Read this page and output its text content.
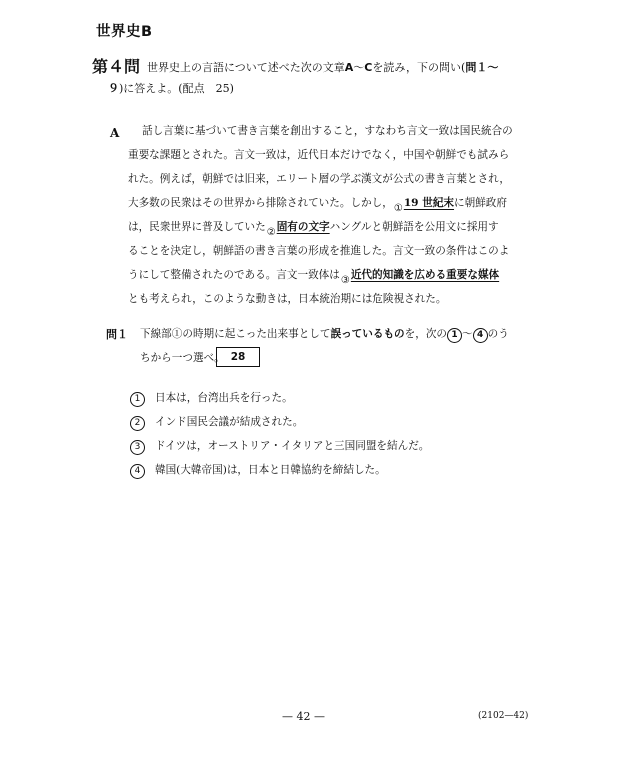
世界史B
第４問 世界史上の言語について述べた次の文章A〜Cを読み，下の問い(問１〜
９)に答えよ。(配点　25)
A 話し言葉に基づいて書き言葉を創出すること，すなわち言文一致は国民統合の
重要な課題とされた。言文一致は，近代日本だけでなく，中国や朝鮮でも試みら
れた。例えば，朝鮮では旧来，エリート層の学ぶ漢文が公式の書き言葉とされ，
大多数の民衆はその世界から排除されていた。しかし，①19 世紀末に朝鮮政府
は，民衆世界に普及していた②固有の文字ハングルと朝鮮語を公用文に採用す
ることを決定し，朝鮮語の書き言葉の形成を推進した。言文一致の条件はこのよ
うにして整備されたのである。言文一致体は③近代的知識を広める重要な媒体
とも考えられ，このような動きは，日本統治期には危険視された。
問１ 下線部①の時期に起こった出来事として誤っているものを，次の 1 〜 4 のう
ちから一つ選べ。 28
1 日本は，台湾出兵を行った。
2 インド国民会議が結成された。
3 ドイツは，オーストリア・イタリアと三国同盟を結んだ。
4 韓国(大韓帝国)は，日本と日韓協約を締結した。
— 42 —	(2102—42)
